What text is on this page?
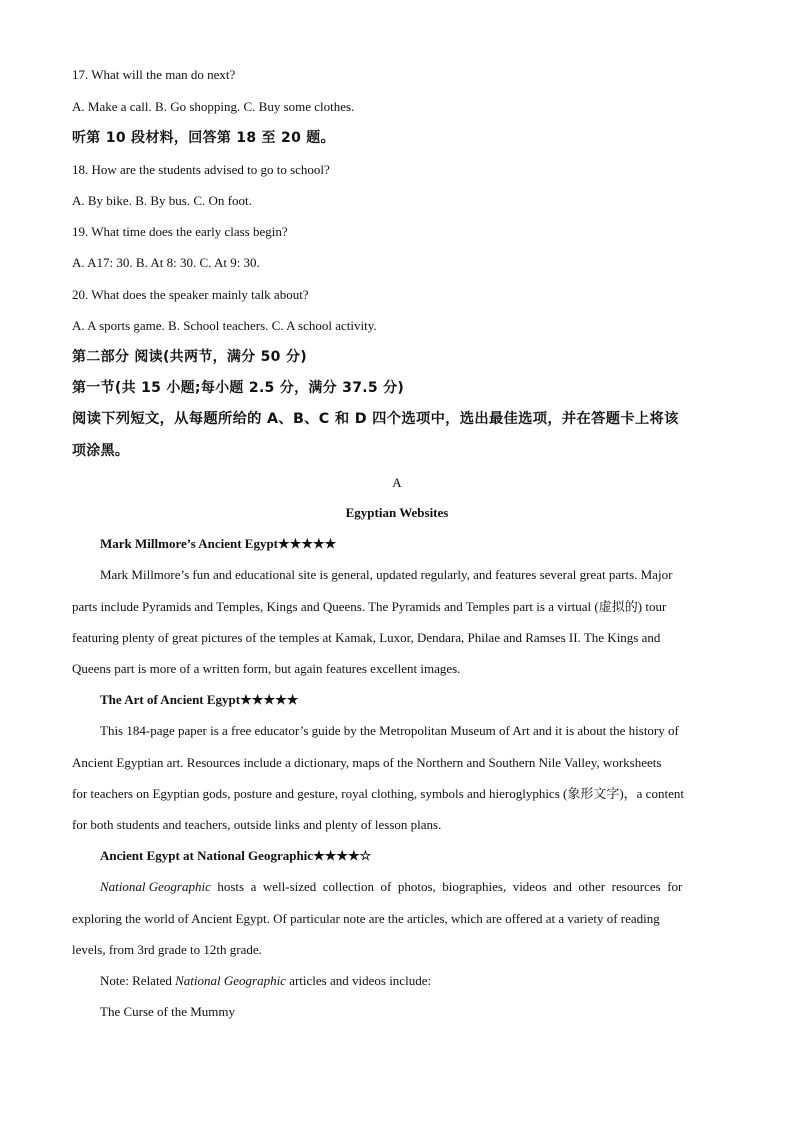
17. What will the man do next?
A. Make a call. B. Go shopping. C. Buy some clothes.
听第 10 段材料，回答第 18 至 20 题。
18. How are the students advised to go to school?
A. By bike. B. By bus. C. On foot.
19. What time does the early class begin?
A. A17: 30. B. At 8: 30. C. At 9: 30.
20. What does the speaker mainly talk about?
A. A sports game. B. School teachers. C. A school activity.
第二部分 阅读(共两节，满分 50 分)
第一节(共 15 小题;每小题 2.5 分，满分 37.5 分)
阅读下列短文，从每题所给的 A、B、C 和 D 四个选项中，选出最佳选项，并在答题卡上将该
项涂黑。
A
Egyptian Websites
Mark Millmore’s Ancient Egypt★★★★★
Mark Millmore’s fun and educational site is general, updated regularly, and features several great parts. Major
parts include Pyramids and Temples, Kings and Queens. The Pyramids and Temples part is a virtual (虚拟的) tour
featuring plenty of great pictures of the temples at Kamak, Luxor, Dendara, Philae and Ramses II. The Kings and
Queens part is more of a written form, but again features excellent images.
The Art of Ancient Egypt★★★★★
This 184-page paper is a free educator’s guide by the Metropolitan Museum of Art and it is about the history of
Ancient Egyptian art. Resources include a dictionary, maps of the Northern and Southern Nile Valley, worksheets
for teachers on Egyptian gods, posture and gesture, royal clothing, symbols and hieroglyphics (象形文字)，a content
for both students and teachers, outside links and plenty of lesson plans.
Ancient Egypt at National Geographic★★★★☆
National Geographic  hosts  a  well-sized  collection  of  photos,  biographies,  videos  and  other  resources  for
exploring the world of Ancient Egypt. Of particular note are the articles, which are offered at a variety of reading
levels, from 3rd grade to 12th grade.
Note: Related National Geographic articles and videos include:
The Curse of the Mummy
